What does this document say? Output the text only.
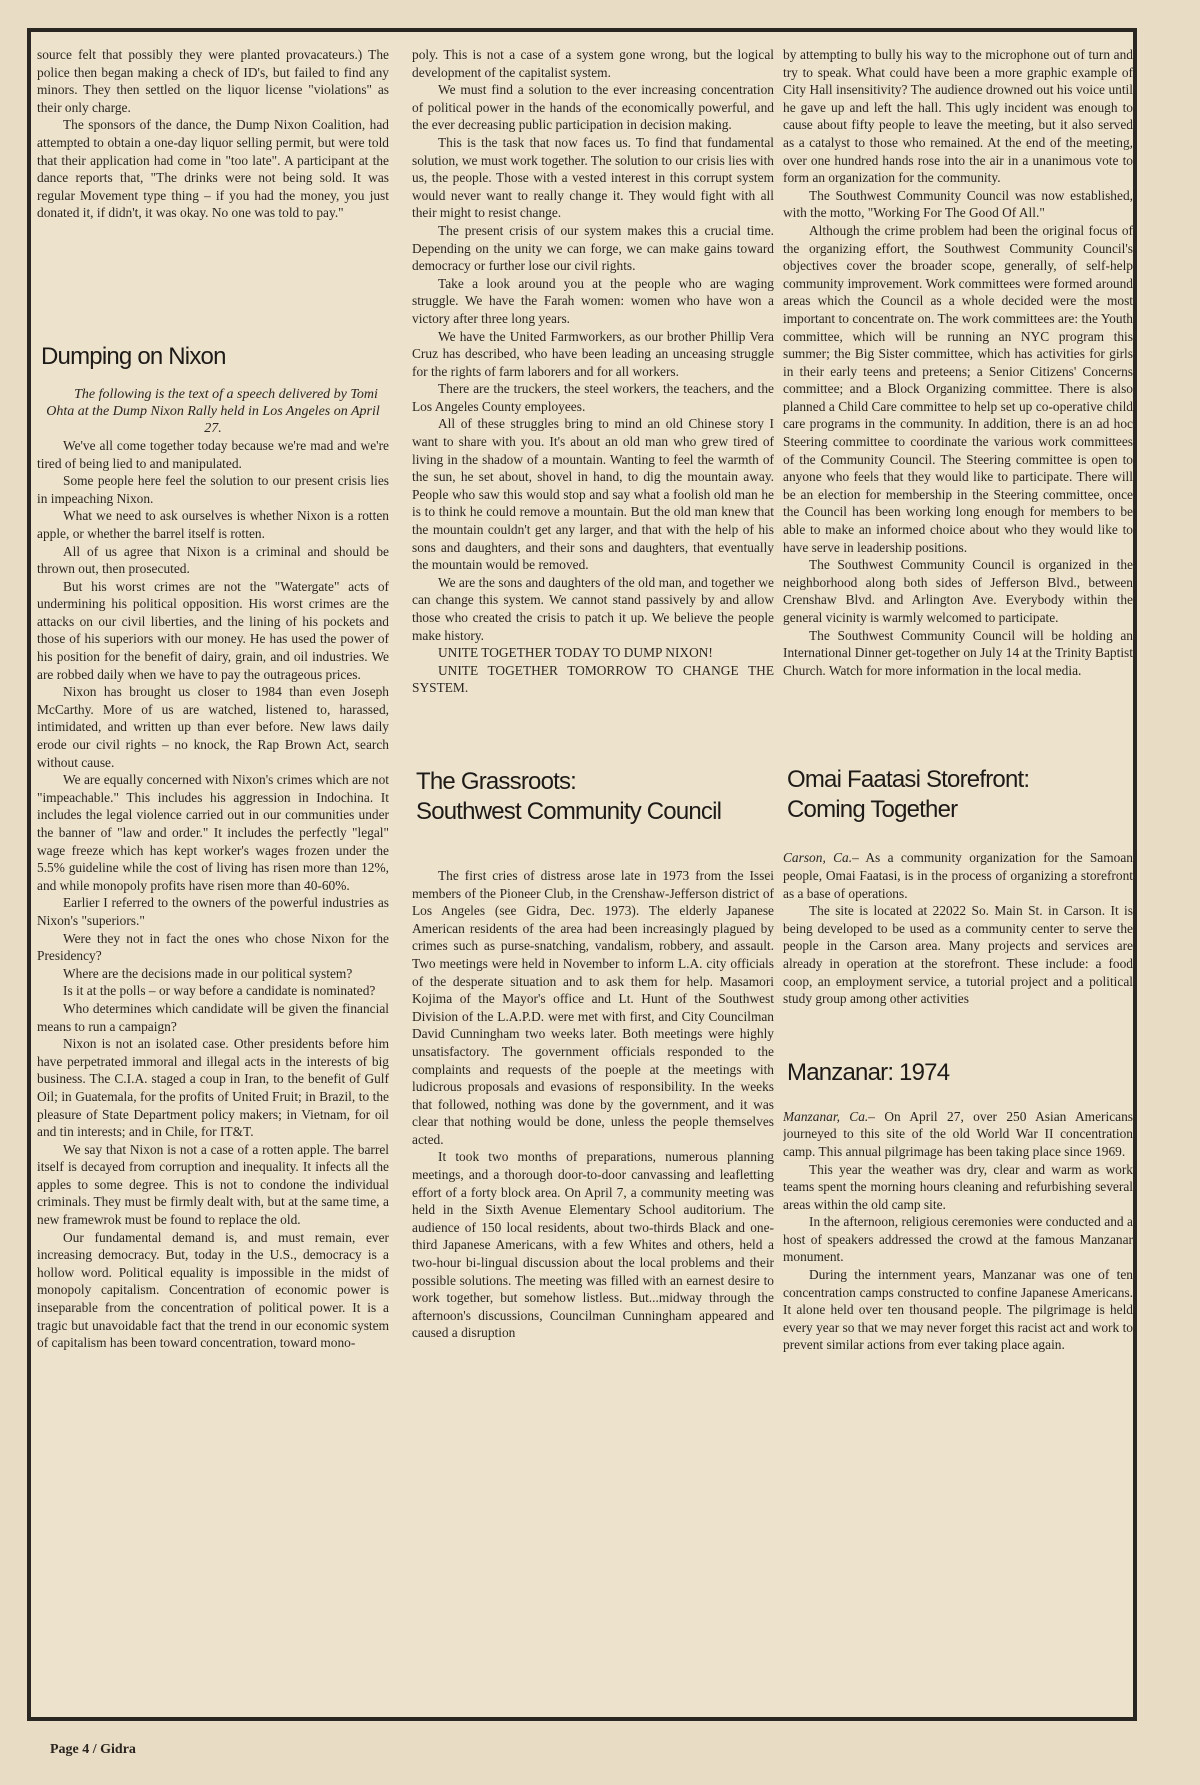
source felt that possibly they were planted provacateurs.) The police then began making a check of ID's, but failed to find any minors. They then settled on the liquor license "violations" as their only charge.

The sponsors of the dance, the Dump Nixon Coalition, had attempted to obtain a one-day liquor selling permit, but were told that their application had come in "too late". A participant at the dance reports that, "The drinks were not being sold. It was regular Movement type thing – if you had the money, you just donated it, if didn't, it was okay. No one was told to pay."

Dumping on Nixon

The following is the text of a speech delivered by Tomi Ohta at the Dump Nixon Rally held in Los Angeles on April 27.

We've all come together today because we're mad and we're tired of being lied to and manipulated.

Some people here feel the solution to our present crisis lies in impeaching Nixon.

What we need to ask ourselves is whether Nixon is a rotten apple, or whether the barrel itself is rotten.

All of us agree that Nixon is a criminal and should be thrown out, then prosecuted.

But his worst crimes are not the "Watergate" acts of undermining his political opposition. His worst crimes are the attacks on our civil liberties, and the lining of his pockets and those of his superiors with our money. He has used the power of his position for the benefit of dairy, grain, and oil industries. We are robbed daily when we have to pay the outrageous prices.

Nixon has brought us closer to 1984 than even Joseph McCarthy. More of us are watched, listened to, harassed, intimidated, and written up than ever before. New laws daily erode our civil rights – no knock, the Rap Brown Act, search without cause.

We are equally concerned with Nixon's crimes which are not "impeachable." This includes his aggression in Indochina. It includes the legal violence carried out in our communities under the banner of "law and order." It includes the perfectly "legal" wage freeze which has kept worker's wages frozen under the 5.5% guideline while the cost of living has risen more than 12%, and while monopoly profits have risen more than 40-60%.

Earlier I referred to the owners of the powerful industries as Nixon's "superiors."

Were they not in fact the ones who chose Nixon for the Presidency?

Where are the decisions made in our political system?

Is it at the polls – or way before a candidate is nominated?

Who determines which candidate will be given the financial means to run a campaign?

Nixon is not an isolated case. Other presidents before him have perpetrated immoral and illegal acts in the interests of big business. The C.I.A. staged a coup in Iran, to the benefit of Gulf Oil; in Guatemala, for the profits of United Fruit; in Brazil, to the pleasure of State Department policy makers; in Vietnam, for oil and tin interests; and in Chile, for IT&T.

We say that Nixon is not a case of a rotten apple. The barrel itself is decayed from corruption and inequality. It infects all the apples to some degree. This is not to condone the individual criminals. They must be firmly dealt with, but at the same time, a new framewrok must be found to replace the old.

Our fundamental demand is, and must remain, ever increasing democracy. But, today in the U.S., democracy is a hollow word. Political equality is impossible in the midst of monopoly capitalism. Concentration of economic power is inseparable from the concentration of political power. It is a tragic but unavoidable fact that the trend in our economic system of capitalism has been toward concentration, toward mono-

poly. This is not a case of a system gone wrong, but the logical development of the capitalist system.

We must find a solution to the ever increasing concentration of political power in the hands of the economically powerful, and the ever decreasing public participation in decision making.

This is the task that now faces us. To find that fundamental solution, we must work together. The solution to our crisis lies with us, the people. Those with a vested interest in this corrupt system would never want to really change it. They would fight with all their might to resist change.

The present crisis of our system makes this a crucial time. Depending on the unity we can forge, we can make gains toward democracy or further lose our civil rights.

Take a look around you at the people who are waging struggle. We have the Farah women: women who have won a victory after three long years.

We have the United Farmworkers, as our brother Phillip Vera Cruz has described, who have been leading an unceasing struggle for the rights of farm laborers and for all workers.

There are the truckers, the steel workers, the teachers, and the Los Angeles County employees.

All of these struggles bring to mind an old Chinese story I want to share with you. It's about an old man who grew tired of living in the shadow of a mountain. Wanting to feel the warmth of the sun, he set about, shovel in hand, to dig the mountain away. People who saw this would stop and say what a foolish old man he is to think he could remove a mountain. But the old man knew that the mountain couldn't get any larger, and that with the help of his sons and daughters, and their sons and daughters, that eventually the mountain would be removed.

We are the sons and daughters of the old man, and together we can change this system. We cannot stand passively by and allow those who created the crisis to patch it up. We believe the people make history.

UNITE TOGETHER TODAY TO DUMP NIXON!

UNITE TOGETHER TOMORROW TO CHANGE THE SYSTEM.

The Grassroots:
Southwest Community Council

The first cries of distress arose late in 1973 from the Issei members of the Pioneer Club, in the Crenshaw-Jefferson district of Los Angeles (see Gidra, Dec. 1973). The elderly Japanese American residents of the area had been increasingly plagued by crimes such as purse-snatching, vandalism, robbery, and assault. Two meetings were held in November to inform L.A. city officials of the desperate situation and to ask them for help. Masamori Kojima of the Mayor's office and Lt. Hunt of the Southwest Division of the L.A.P.D. were met with first, and City Councilman David Cunningham two weeks later. Both meetings were highly unsatisfactory. The government officials responded to the complaints and requests of the poeple at the meetings with ludicrous proposals and evasions of responsibility. In the weeks that followed, nothing was done by the government, and it was clear that nothing would be done, unless the people themselves acted.

It took two months of preparations, numerous planning meetings, and a thorough door-to-door canvassing and leafletting effort of a forty block area. On April 7, a community meeting was held in the Sixth Avenue Elementary School auditorium. The audience of 150 local residents, about two-thirds Black and one-third Japanese Americans, with a few Whites and others, held a two-hour bi-lingual discussion about the local problems and their possible solutions. The meeting was filled with an earnest desire to work together, but somehow listless. But...midway through the afternoon's discussions, Councilman Cunningham appeared and caused a disruption

by attempting to bully his way to the microphone out of turn and try to speak. What could have been a more graphic example of City Hall insensitivity? The audience drowned out his voice until he gave up and left the hall. This ugly incident was enough to cause about fifty people to leave the meeting, but it also served as a catalyst to those who remained. At the end of the meeting, over one hundred hands rose into the air in a unanimous vote to form an organization for the community.

The Southwest Community Council was now established, with the motto, "Working For The Good Of All."

Although the crime problem had been the original focus of the organizing effort, the Southwest Community Council's objectives cover the broader scope, generally, of self-help community improvement. Work committees were formed around areas which the Council as a whole decided were the most important to concentrate on. The work committees are: the Youth committee, which will be running an NYC program this summer; the Big Sister committee, which has activities for girls in their early teens and preteens; a Senior Citizens' Concerns committee; and a Block Organizing committee. There is also planned a Child Care committee to help set up co-operative child care programs in the community. In addition, there is an ad hoc Steering committee to coordinate the various work committees of the Community Council. The Steering committee is open to anyone who feels that they would like to participate. There will be an election for membership in the Steering committee, once the Council has been working long enough for members to be able to make an informed choice about who they would like to have serve in leadership positions.

The Southwest Community Council is organized in the neighborhood along both sides of Jefferson Blvd., between Crenshaw Blvd. and Arlington Ave. Everybody within the general vicinity is warmly welcomed to participate.

The Southwest Community Council will be holding an International Dinner get-together on July 14 at the Trinity Baptist Church. Watch for more information in the local media.

Omai Faatasi Storefront:
Coming Together

Carson, Ca.– As a community organization for the Samoan people, Omai Faatasi, is in the process of organizing a storefront as a base of operations.

The site is located at 22022 So. Main St. in Carson. It is being developed to be used as a community center to serve the people in the Carson area. Many projects and services are already in operation at the storefront. These include: a food coop, an employment service, a tutorial project and a political study group among other activities

Manzanar: 1974

Manzanar, Ca.– On April 27, over 250 Asian Americans journeyed to this site of the old World War II concentration camp. This annual pilgrimage has been taking place since 1969.

This year the weather was dry, clear and warm as work teams spent the morning hours cleaning and refurbishing several areas within the old camp site.

In the afternoon, religious ceremonies were conducted and a host of speakers addressed the crowd at the famous Manzanar monument.

During the internment years, Manzanar was one of ten concentration camps constructed to confine Japanese Americans. It alone held over ten thousand people. The pilgrimage is held every year so that we may never forget this racist act and work to prevent similar actions from ever taking place again.

Page 4 / Gidra
